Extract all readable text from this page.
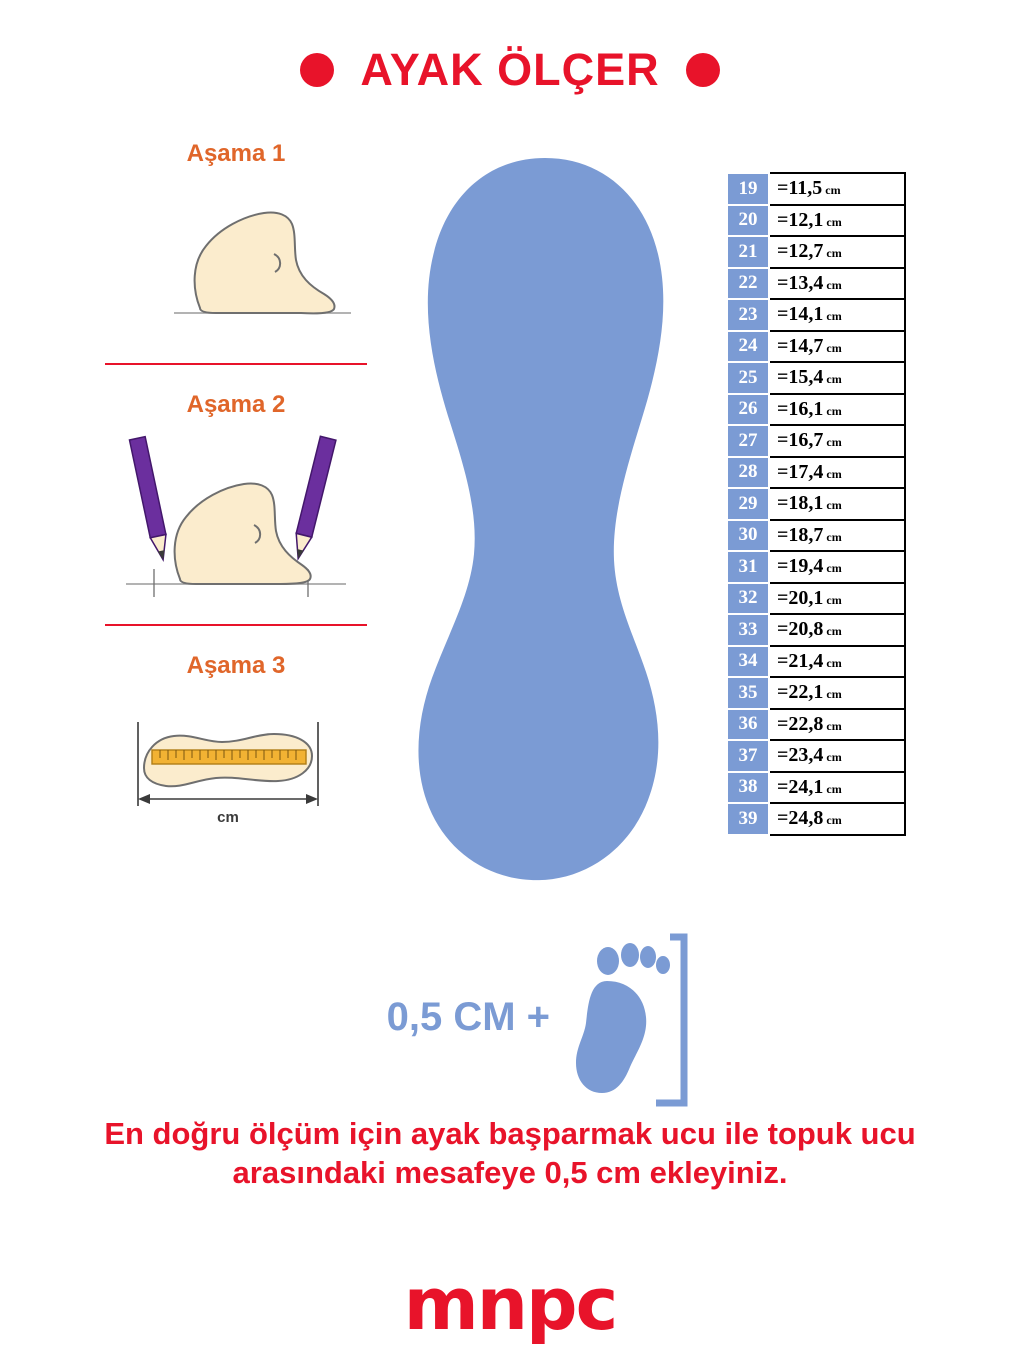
AYAK ÖLÇER

Aşama 1

Aşama 2

Aşama 3

cm
19	=11,5 cm
20	=12,1 cm
21	=12,7 cm
22	=13,4 cm
23	=14,1 cm
24	=14,7 cm
25	=15,4 cm
26	=16,1 cm
27	=16,7 cm
28	=17,4 cm
29	=18,1 cm
30	=18,7 cm
31	=19,4 cm
32	=20,1 cm
33	=20,8 cm
34	=21,4 cm
35	=22,1 cm
36	=22,8 cm
37	=23,4 cm
38	=24,1 cm
39	=24,8 cm
0,5 CM +
En doğru ölçüm için ayak başparmak ucu ile topuk ucu arasındaki mesafeye 0,5 cm ekleyiniz.
mnpc
